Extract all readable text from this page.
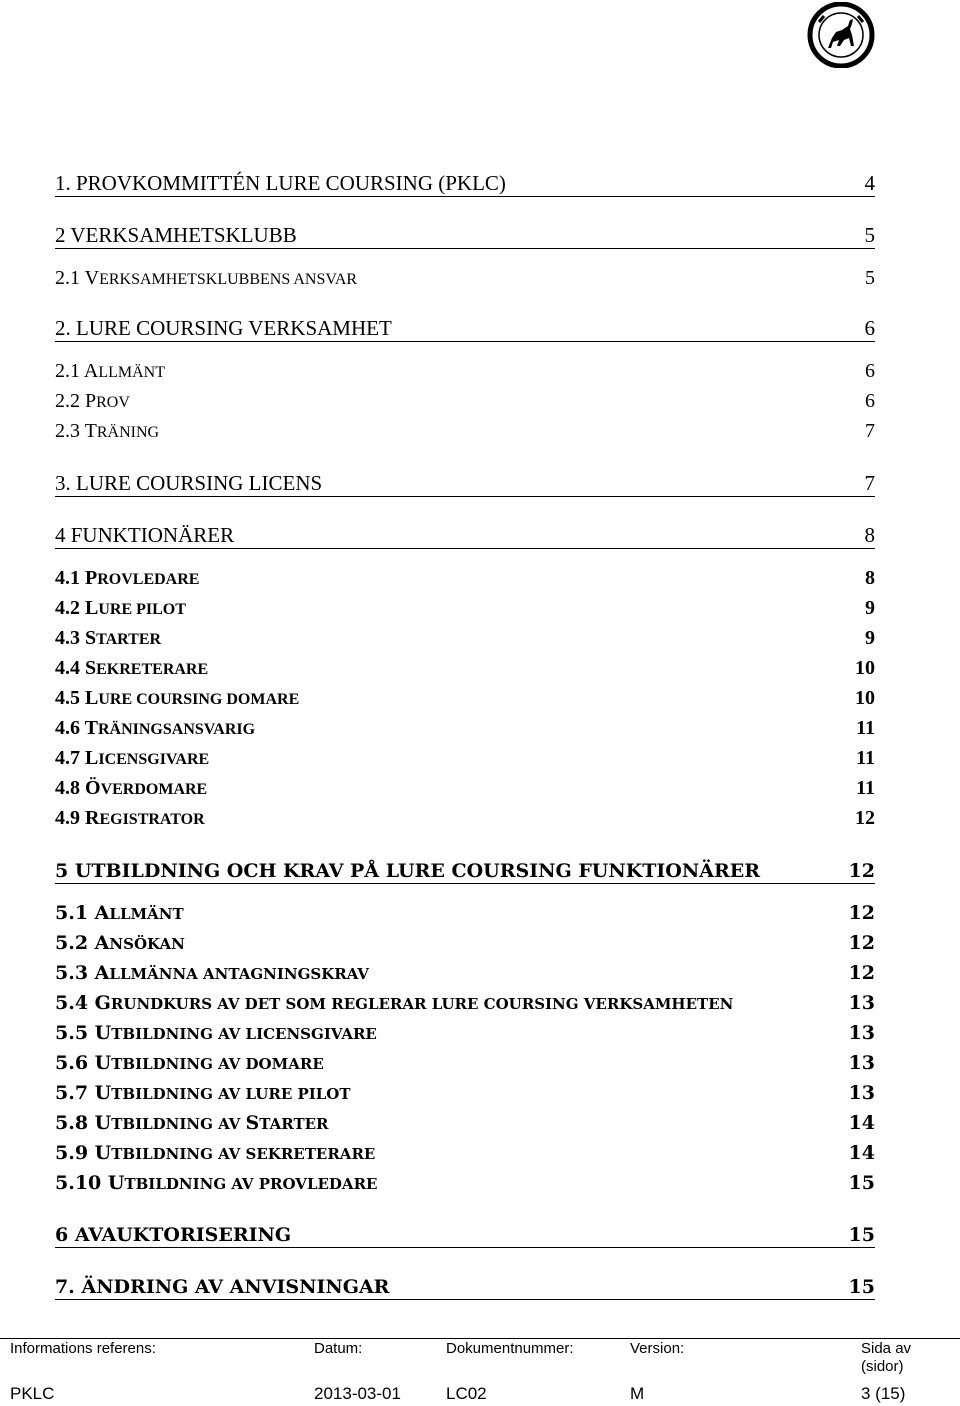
1. PROVKOMMITTÉN LURE COURSING (PKLC)	4
2 VERKSAMHETSKLUBB	5
2.1 VERKSAMHETSKLUBBENS ANSVAR	5
2. LURE COURSING VERKSAMHET	6
2.1 ALLMÄNT	6
2.2 PROV	6
2.3 TRÄNING	7
3. LURE COURSING LICENS	7
4 FUNKTIONÄRER	8
4.1 PROVLEDARE	8
4.2 LURE PILOT	9
4.3 STARTER	9
4.4 SEKRETERARE	10
4.5 LURE COURSING DOMARE	10
4.6 TRÄNINGSANSVARIG	11
4.7 LICENSGIVARE	11
4.8 ÖVERDOMARE	11
4.9 REGISTRATOR	12
5 UTBILDNING OCH KRAV PÅ LURE COURSING FUNKTIONÄRER	12
5.1 ALLMÄNT	12
5.2 ANSÖKAN	12
5.3 ALLMÄNNA ANTAGNINGSKRAV	12
5.4 GRUNDKURS AV DET SOM REGLERAR LURE COURSING VERKSAMHETEN	13
5.5 UTBILDNING AV LICENSGIVARE	13
5.6 UTBILDNING AV DOMARE	13
5.7 UTBILDNING AV LURE PILOT	13
5.8 UTBILDNING AV STARTER	14
5.9 UTBILDNING AV SEKRETERARE	14
5.10 UTBILDNING AV PROVLEDARE	15
6 AVAUKTORISERING	15
7. ÄNDRING AV ANVISNINGAR	15
Informations referens:	Datum:	Dokumentnummer:	Version:	Sida av
(sidor)
PKLC	2013-03-01	LC02	M	3 (15)
